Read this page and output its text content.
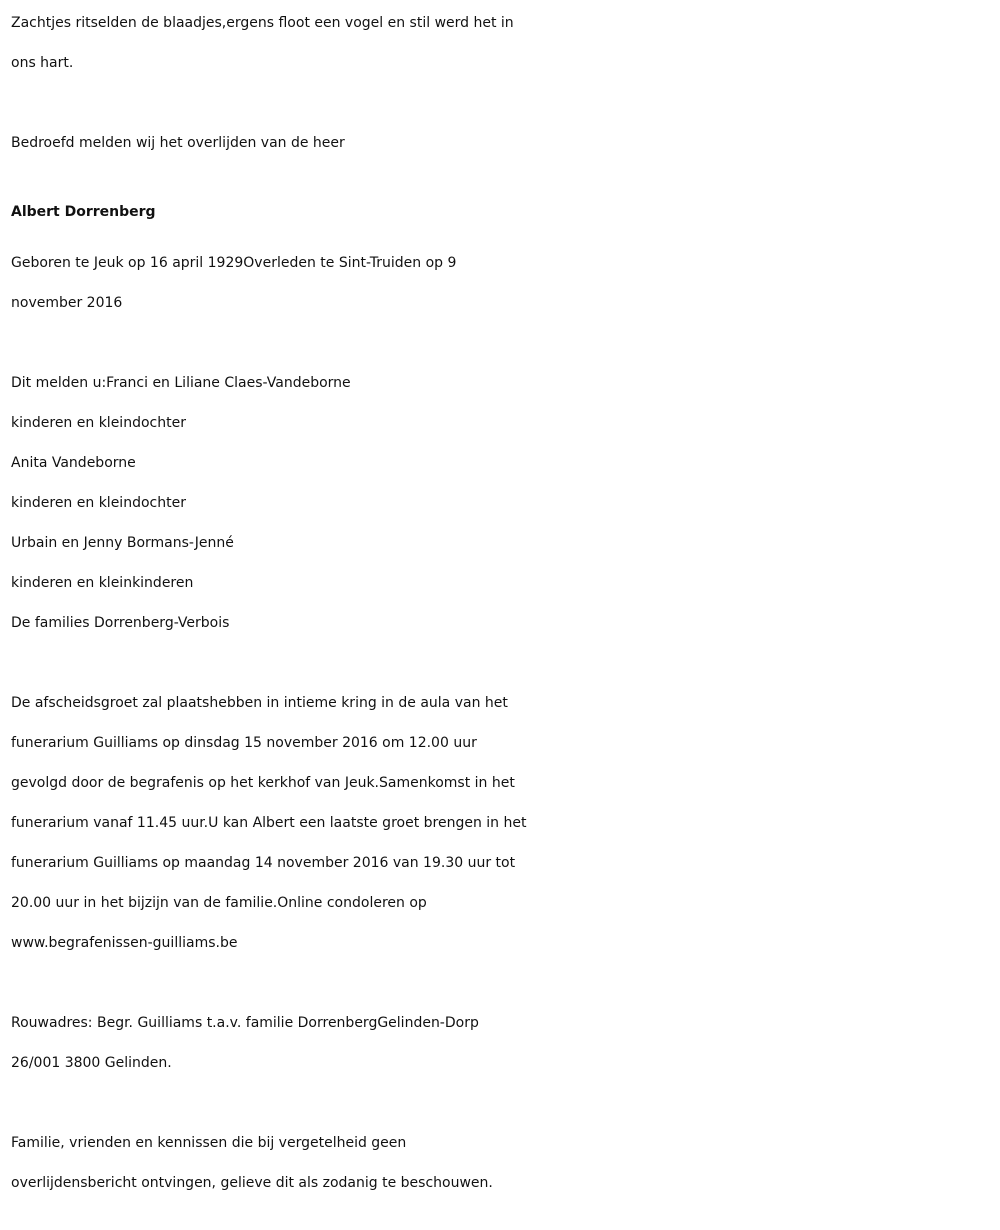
Zachtjes ritselden de blaadjes,ergens floot een vogel en stil werd het in
ons hart.
Bedroefd melden wij het overlijden van de heer
Albert Dorrenberg
Geboren te Jeuk op 16 april 1929Overleden te Sint-Truiden op 9
november 2016
Dit melden u:Franci en Liliane Claes-Vandeborne
kinderen en kleindochter
Anita Vandeborne
kinderen en kleindochter
Urbain en Jenny Bormans-Jenné
kinderen en kleinkinderen
De families Dorrenberg-Verbois
De afscheidsgroet zal plaatshebben in intieme kring in de aula van het
funerarium Guilliams op dinsdag 15 november 2016 om 12.00 uur
gevolgd door de begrafenis op het kerkhof van Jeuk.Samenkomst in het
funerarium vanaf 11.45 uur.U kan Albert een laatste groet brengen in het
funerarium Guilliams op maandag 14 november 2016 van 19.30 uur tot
20.00 uur in het bijzijn van de familie.Online condoleren op
www.begrafenissen-guilliams.be
Rouwadres: Begr. Guilliams t.a.v. familie DorrenbergGelinden-Dorp
26/001 3800 Gelinden.
Familie, vrienden en kennissen die bij vergetelheid geen
overlijdensbericht ontvingen, gelieve dit als zodanig te beschouwen.
